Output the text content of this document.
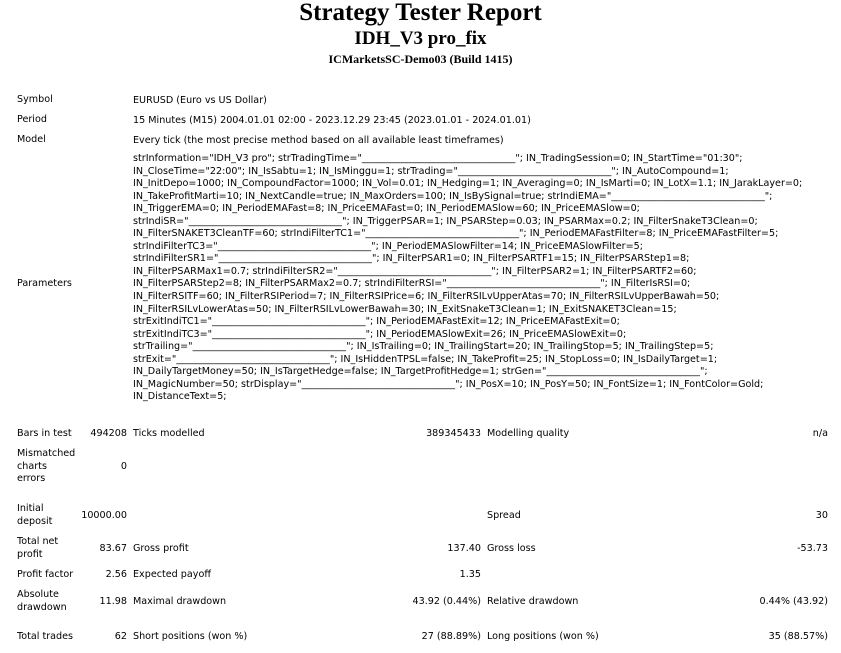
Strategy Tester Report
IDH_V3 pro_fix
ICMarketsSC-Demo03 (Build 1415)
Symbol	EURUSD (Euro vs US Dollar)
Period	15 Minutes (M15) 2004.01.01 02:00 - 2023.12.29 23:45 (2023.01.01 - 2024.01.01)
Model	Every tick (the most precise method based on all available least timeframes)
Parameters
strInformation="IDH_V3 pro"; strTradingTime="________________________________"; IN_TradingSession=0; IN_StartTime="01:30";
IN_CloseTime="22:00"; IN_IsSabtu=1; IN_IsMinggu=1; strTrading="________________________________"; IN_AutoCompound=1;
IN_InitDepo=1000; IN_CompoundFactor=1000; IN_Vol=0.01; IN_Hedging=1; IN_Averaging=0; IN_IsMarti=0; IN_LotX=1.1; IN_JarakLayer=0;
IN_TakeProfitMarti=10; IN_NextCandle=true; IN_MaxOrders=100; IN_IsBySignal=true; strIndiEMA="________________________________";
IN_TriggerEMA=0; IN_PeriodEMAFast=8; IN_PriceEMAFast=0; IN_PeriodEMASlow=60; IN_PriceEMASlow=0;
strIndiSR="________________________________"; IN_TriggerPSAR=1; IN_PSARStep=0.03; IN_PSARMax=0.2; IN_FilterSnakeT3Clean=0;
IN_FilterSNAKET3CleanTF=60; strIndiFilterTC1="________________________________"; IN_PeriodEMAFastFilter=8; IN_PriceEMAFastFilter=5;
strIndiFilterTC3="________________________________"; IN_PeriodEMASlowFilter=14; IN_PriceEMASlowFilter=5;
strIndiFilterSR1="________________________________"; IN_FilterPSAR1=0; IN_FilterPSARTF1=15; IN_FilterPSARStep1=8;
IN_FilterPSARMax1=0.7; strIndiFilterSR2="________________________________"; IN_FilterPSAR2=1; IN_FilterPSARTF2=60;
IN_FilterPSARStep2=8; IN_FilterPSARMax2=0.7; strIndiFilterRSI="________________________________"; IN_FilterIsRSI=0;
IN_FilterRSITF=60; IN_FilterRSIPeriod=7; IN_FilterRSIPrice=6; IN_FilterRSILvUpperAtas=70; IN_FilterRSILvUpperBawah=50;
IN_FilterRSILvLowerAtas=50; IN_FilterRSILvLowerBawah=30; IN_ExitSnakeT3Clean=1; IN_ExitSNAKET3Clean=15;
strExitIndiTC1="________________________________"; IN_PeriodEMAFastExit=12; IN_PriceEMAFastExit=0;
strExitIndiTC3="________________________________"; IN_PeriodEMASlowExit=26; IN_PriceEMASlowExit=0;
strTrailing="________________________________"; IN_IsTrailing=0; IN_TrailingStart=20; IN_TrailingStop=5; IN_TrailingStep=5;
strExit="________________________________"; IN_IsHiddenTPSL=false; IN_TakeProfit=25; IN_StopLoss=0; IN_IsDailyTarget=1;
IN_DailyTargetMoney=50; IN_IsTargetHedge=false; IN_TargetProfitHedge=1; strGen="________________________________";
IN_MagicNumber=50; strDisplay="________________________________"; IN_PosX=10; IN_PosY=50; IN_FontSize=1; IN_FontColor=Gold;
IN_DistanceText=5;
Bars in test	494208 Ticks modelled	389345433 Modelling quality	n/a
Mismatched charts errors
0
Initial deposit	10000.00	Spread	30
Total net profit	83.67 Gross profit	137.40 Gross loss	-53.73
Profit factor	2.56 Expected payoff	1.35
Absolute drawdown	11.98 Maximal drawdown	43.92 (0.44%) Relative drawdown	0.44% (43.92)
Total trades	62 Short positions (won %)	27 (88.89%) Long positions (won %)	35 (88.57%)
